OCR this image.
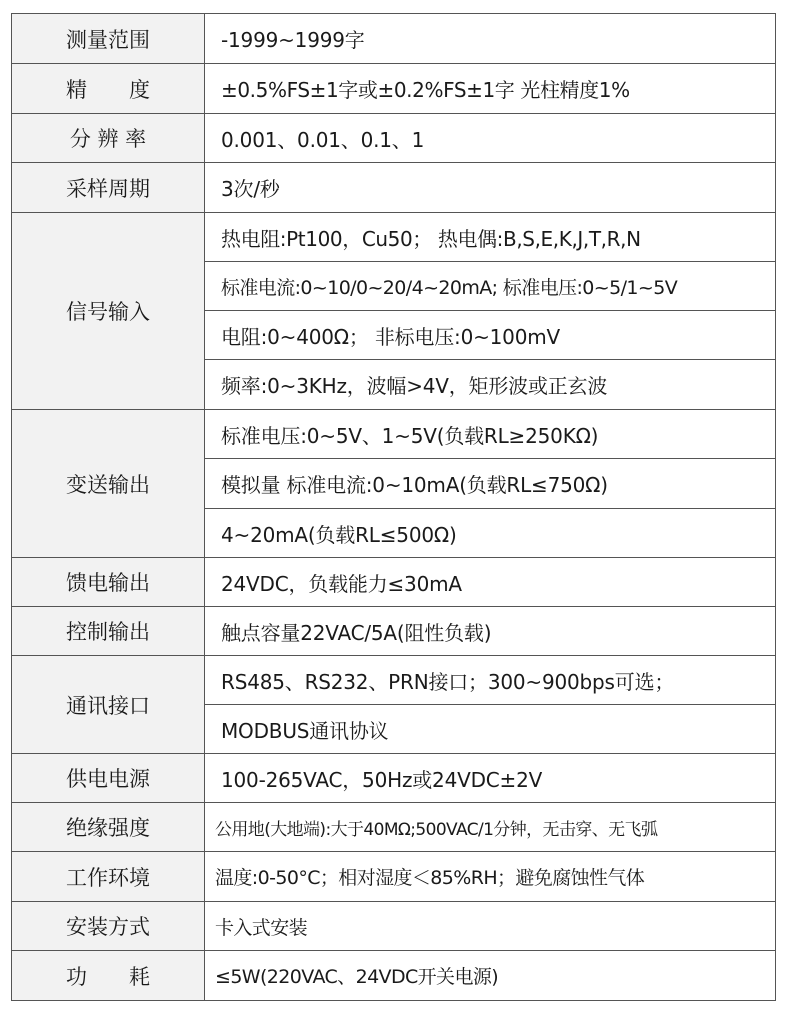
测量范围	-1999~1999字
精　　度	±0.5%FS±1字或±0.2%FS±1字 光柱精度1%
分 辨 率	0.001、0.01、0.1、1
采样周期	3次/秒
信号输入	热电阻:Pt100，Cu50； 热电偶:B,S,E,K,J,T,R,N
	标准电流:0~10/0~20/4~20mA; 标准电压:0~5/1~5V
	电阻:0~400Ω； 非标电压:0~100mV
	频率:0~3KHz，波幅>4V，矩形波或正玄波
变送输出	标准电压:0~5V、1~5V(负载RL≥250KΩ)
	模拟量 标准电流:0~10mA(负载RL≤750Ω)
	4~20mA(负载RL≤500Ω)
馈电输出	24VDC，负载能力≤30mA
控制输出	触点容量22VAC/5A(阻性负载)
通讯接口	RS485、RS232、PRN接口；300~900bps可选；
	MODBUS通讯协议
供电电源	100-265VAC，50Hz或24VDC±2V
绝缘强度	公用地(大地端):大于40MΩ;500VAC/1分钟，无击穿、无飞弧
工作环境	温度:0-50°C；相对湿度＜85%RH；避免腐蚀性气体
安装方式	卡入式安装
功　　耗	≤5W(220VAC、24VDC开关电源)
